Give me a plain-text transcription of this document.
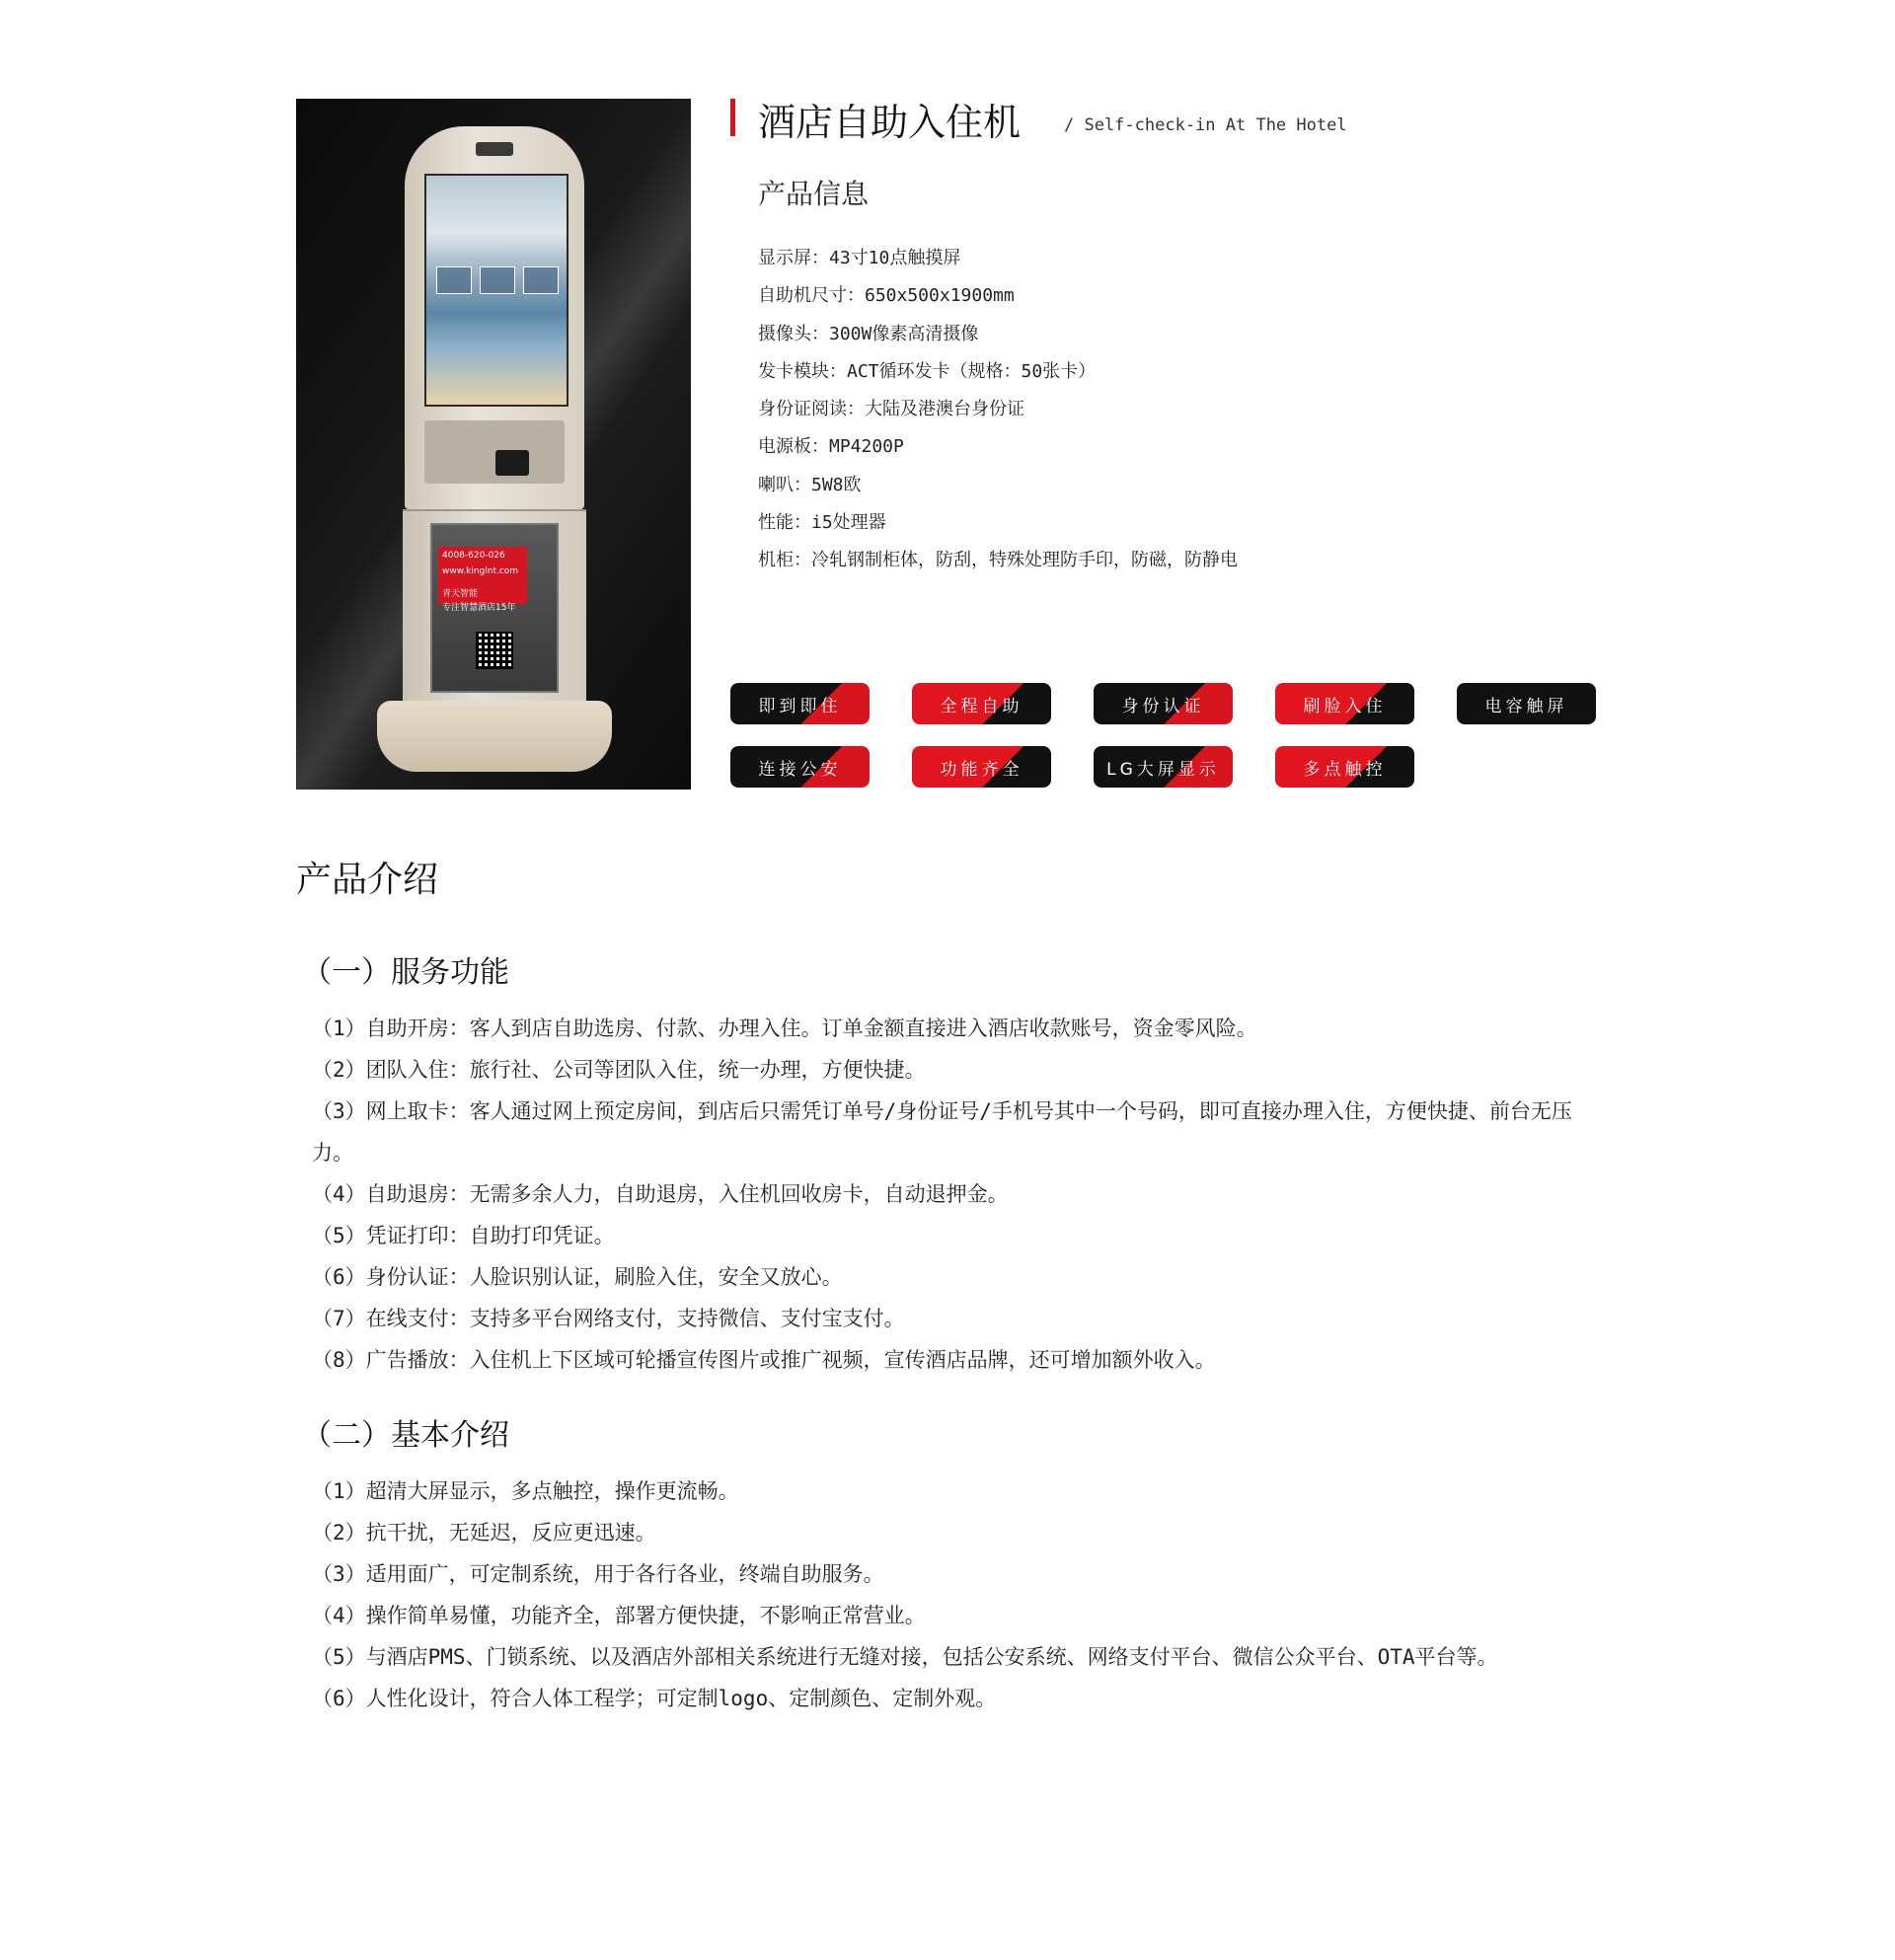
4008-620-026
www.kinglnt.com
青天智能
专注智慧酒店15年
酒店自助入住机	/ Self-check-in At The Hotel
产品信息
显示屏：43寸10点触摸屏
自助机尺寸：650x500x1900mm
摄像头：300W像素高清摄像
发卡模块：ACT循环发卡（规格：50张卡）
身份证阅读：大陆及港澳台身份证
电源板：MP4200P
喇叭：5W8欧
性能：i5处理器
机柜：冷轧钢制柜体，防刮，特殊处理防手印，防磁，防静电
即到即住	全程自助	身份认证	刷脸入住	电容触屏
连接公安	功能齐全	LG大屏显示	多点触控
产品介绍
（一）服务功能
（1）自助开房：客人到店自助选房、付款、办理入住。订单金额直接进入酒店收款账号，资金零风险。
（2）团队入住：旅行社、公司等团队入住，统一办理，方便快捷。
（3）网上取卡：客人通过网上预定房间，到店后只需凭订单号/身份证号/手机号其中一个号码，即可直接办理入住，方便快捷、前台无压力。
（4）自助退房：无需多余人力，自助退房，入住机回收房卡，自动退押金。
（5）凭证打印：自助打印凭证。
（6）身份认证：人脸识别认证，刷脸入住，安全又放心。
（7）在线支付：支持多平台网络支付，支持微信、支付宝支付。
（8）广告播放：入住机上下区域可轮播宣传图片或推广视频，宣传酒店品牌，还可增加额外收入。
（二）基本介绍
（1）超清大屏显示，多点触控，操作更流畅。
（2）抗干扰，无延迟，反应更迅速。
（3）适用面广，可定制系统，用于各行各业，终端自助服务。
（4）操作简单易懂，功能齐全，部署方便快捷，不影响正常营业。
（5）与酒店PMS、门锁系统、以及酒店外部相关系统进行无缝对接，包括公安系统、网络支付平台、微信公众平台、OTA平台等。
（6）人性化设计，符合人体工程学；可定制logo、定制颜色、定制外观。
